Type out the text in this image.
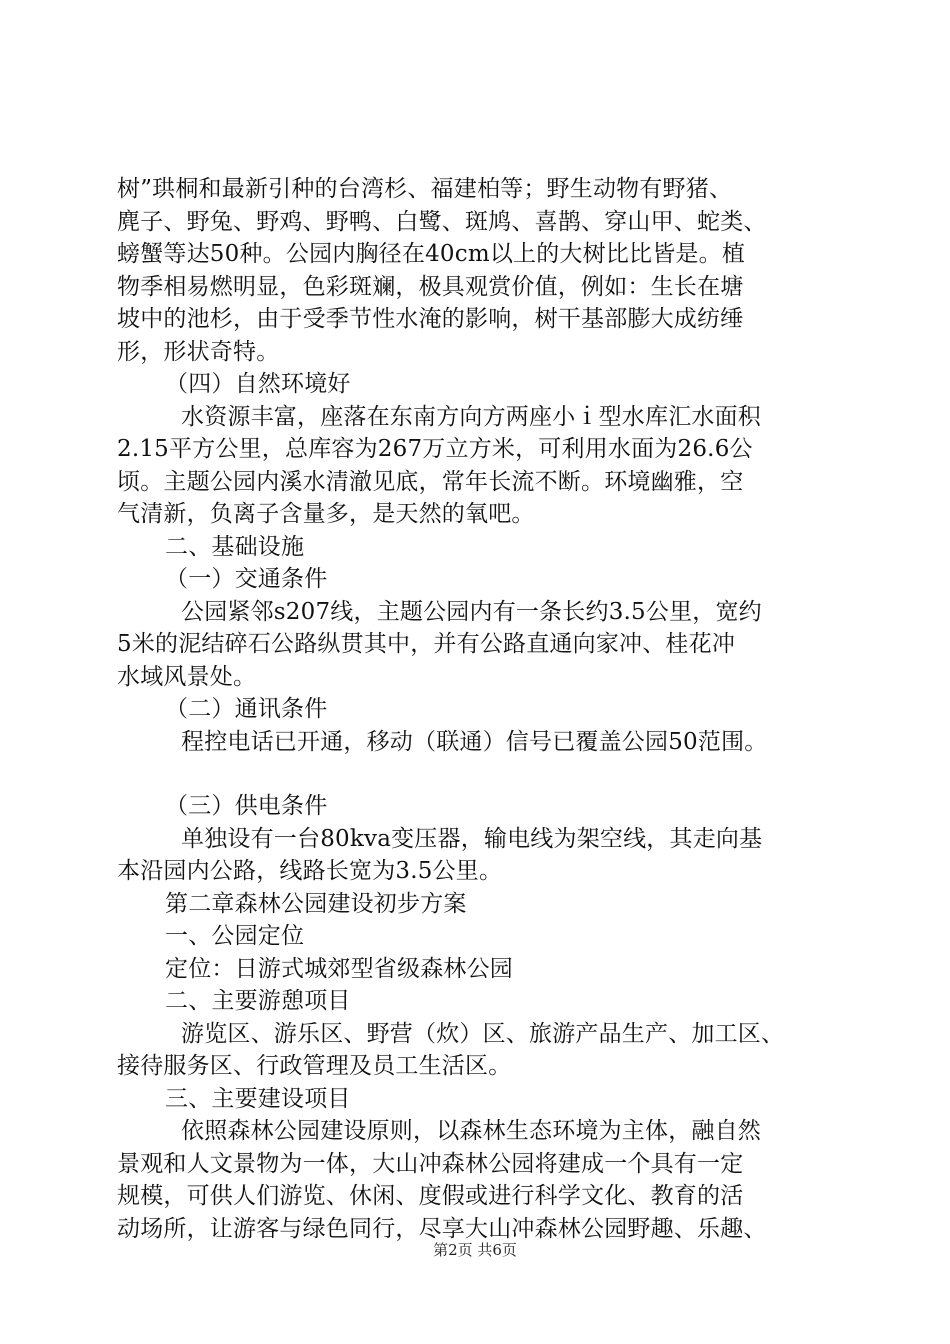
树”珙桐和最新引种的台湾杉、福建柏等；野生动物有野猪、
麂子、野兔、野鸡、野鸭、白鹭、斑鸠、喜鹊、穿山甲、蛇类、
螃蟹等达50种。公园内胸径在40cm以上的大树比比皆是。植
物季相易燃明显，色彩斑斓，极具观赏价值，例如：生长在塘
坡中的池杉，由于受季节性水淹的影响，树干基部膨大成纺缍
形，形状奇特。
（四）自然环境好
水资源丰富，座落在东南方向方两座小ｉ型水库汇水面积
2.15平方公里，总库容为267万立方米，可利用水面为26.6公
顷。主题公园内溪水清澈见底，常年长流不断。环境幽雅，空
气清新，负离子含量多，是天然的氧吧。
二、基础设施
（一）交通条件
公园紧邻s207线，主题公园内有一条长约3.5公里，宽约
5米的泥结碎石公路纵贯其中，并有公路直通向家冲、桂花冲
水域风景处。
（二）通讯条件
程控电话已开通，移动（联通）信号已覆盖公园50范围。
（三）供电条件
单独设有一台80kva变压器，输电线为架空线，其走向基
本沿园内公路，线路长宽为3.5公里。
第二章森林公园建设初步方案
一、公园定位
定位：日游式城郊型省级森林公园
二、主要游憩项目
游览区、游乐区、野营（炊）区、旅游产品生产、加工区、
接待服务区、行政管理及员工生活区。
三、主要建设项目
依照森林公园建设原则，以森林生态环境为主体，融自然
景观和人文景物为一体，大山冲森林公园将建成一个具有一定
规模，可供人们游览、休闲、度假或进行科学文化、教育的活
动场所，让游客与绿色同行，尽享大山冲森林公园野趣、乐趣、
第2页 共6页
